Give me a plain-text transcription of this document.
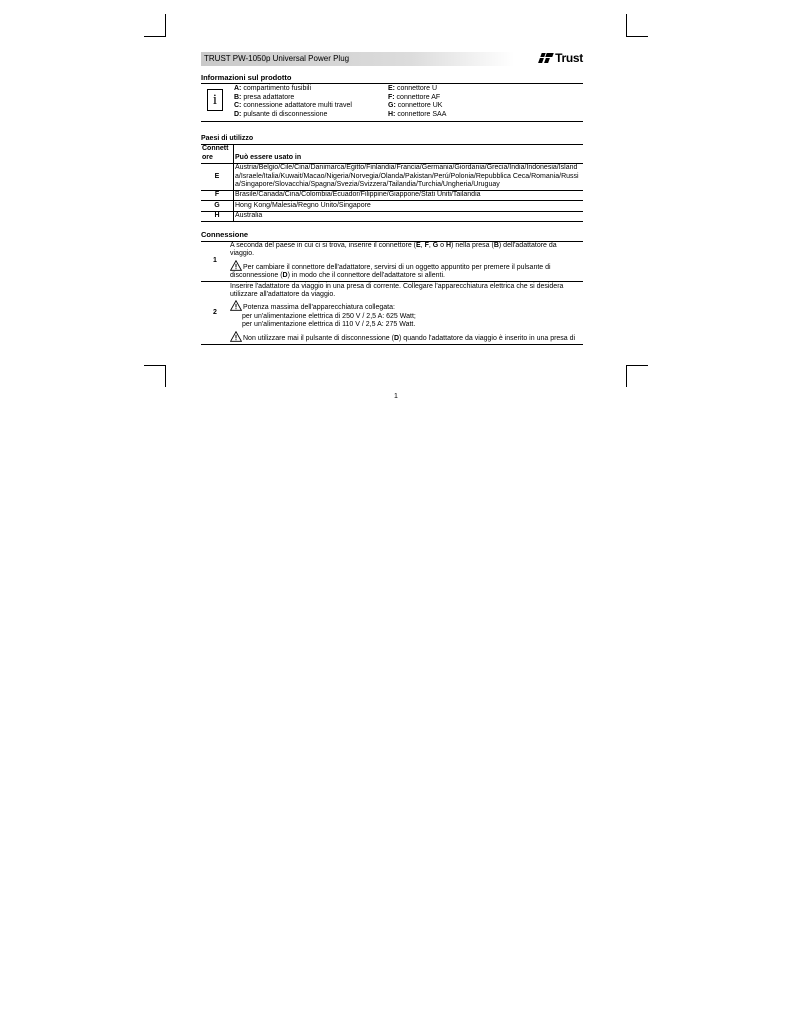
TRUST PW-1050p Universal Power Plug	Trust
Informazioni sul prodotto
i
A: compartimento fusibili
B: presa adattatore
C: connessione adattatore multi travel
D: pulsante di disconnessione
E: connettore U
F: connettore AF
G: connettore UK
H: connettore SAA
Paesi di utilizzo
Connett ore	Può essere usato in
E	Austria/Belgio/Cile/Cina/Danimarca/Egitto/Finlandia/Francia/Germania/Giordania/Grecia/India/Indonesia/Islanda/Israele/Italia/Kuwait/Macao/Nigeria/Norvegia/Olanda/Pakistan/Perú/Polonia/Repubblica Ceca/Romania/Russia/Singapore/Slovacchia/Spagna/Svezia/Svizzera/Tailandia/Turchia/Ungheria/Uruguay
F	Brasile/Canada/Cina/Colombia/Ecuador/Filippine/Giappone/Stati Uniti/Tailandia
G	Hong Kong/Malesia/Regno Unito/Singapore
H	Australia
Connessione
1	A seconda del paese in cui ci si trova, inserire il connettore (E, F, G o H) nella presa (B) dell'adattatore da viaggio.
Per cambiare il connettore dell'adattatore, servirsi di un oggetto appuntito per premere il pulsante di disconnessione (D) in modo che il connettore dell'adattatore si allenti.

2	Inserire l'adattatore da viaggio in una presa di corrente. Collegare l'apparecchiatura elettrica che si desidera utilizzare all'adattatore da viaggio.
Potenza massima dell'apparecchiatura collegata:
per un'alimentazione elettrica di 250 V / 2,5 A: 625 Watt;
per un'alimentazione elettrica di 110 V / 2,5 A: 275 Watt.
Non utilizzare mai il pulsante di disconnessione (D) quando l'adattatore da viaggio è inserito in una presa di
1
